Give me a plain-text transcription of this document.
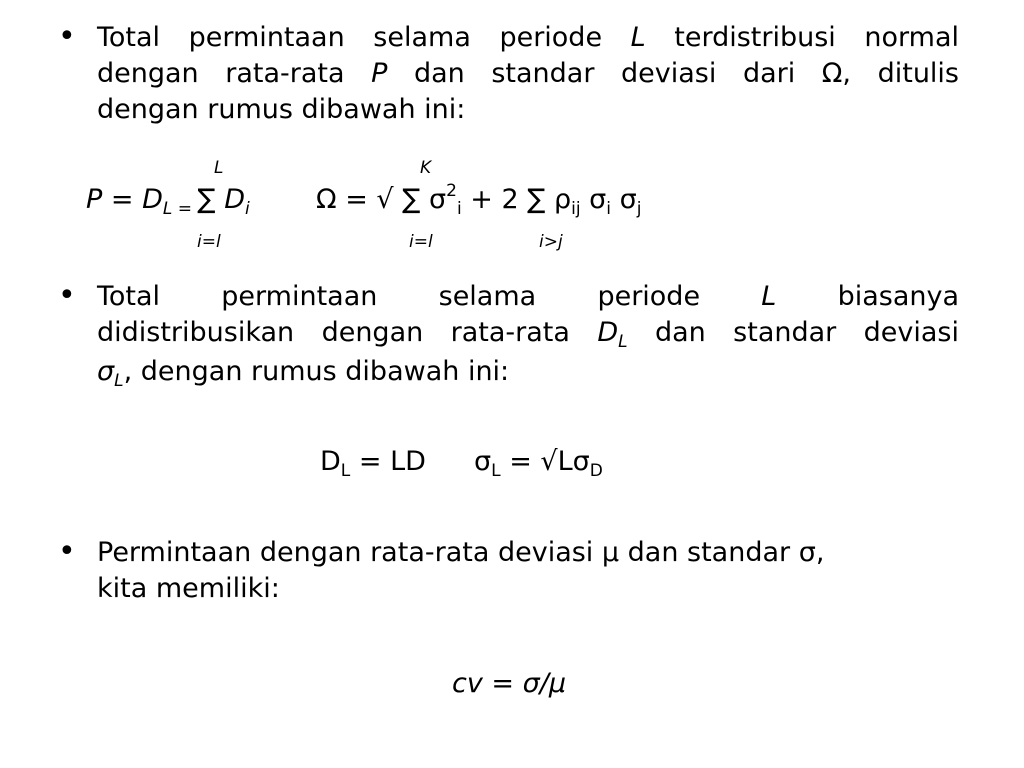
• Total permintaan selama periode L terdistribusi normal
dengan rata-rata P dan standar deviasi dari Ω, ditulis
dengan rumus dibawah ini:
L
$P = D_L$ $_=$ ∑ $D_i$
i=l
K
Ω = √ ∑ $\sigma^2_i + 2$ ∑ $\rho_{ij}$ $\sigma_i$ $\sigma_j$
i=l	i>j
• Total permintaan selama periode L biasanya
didistribusikan dengan rata-rata $D_L$ dan standar deviasi
$\sigma_L$, dengan rumus dibawah ini:
$D_L$ = LD $\sigma_L = √L\sigma_D$
• Permintaan dengan rata-rata deviasi μ dan standar σ,
kita memiliki:
cv = σ/μ
